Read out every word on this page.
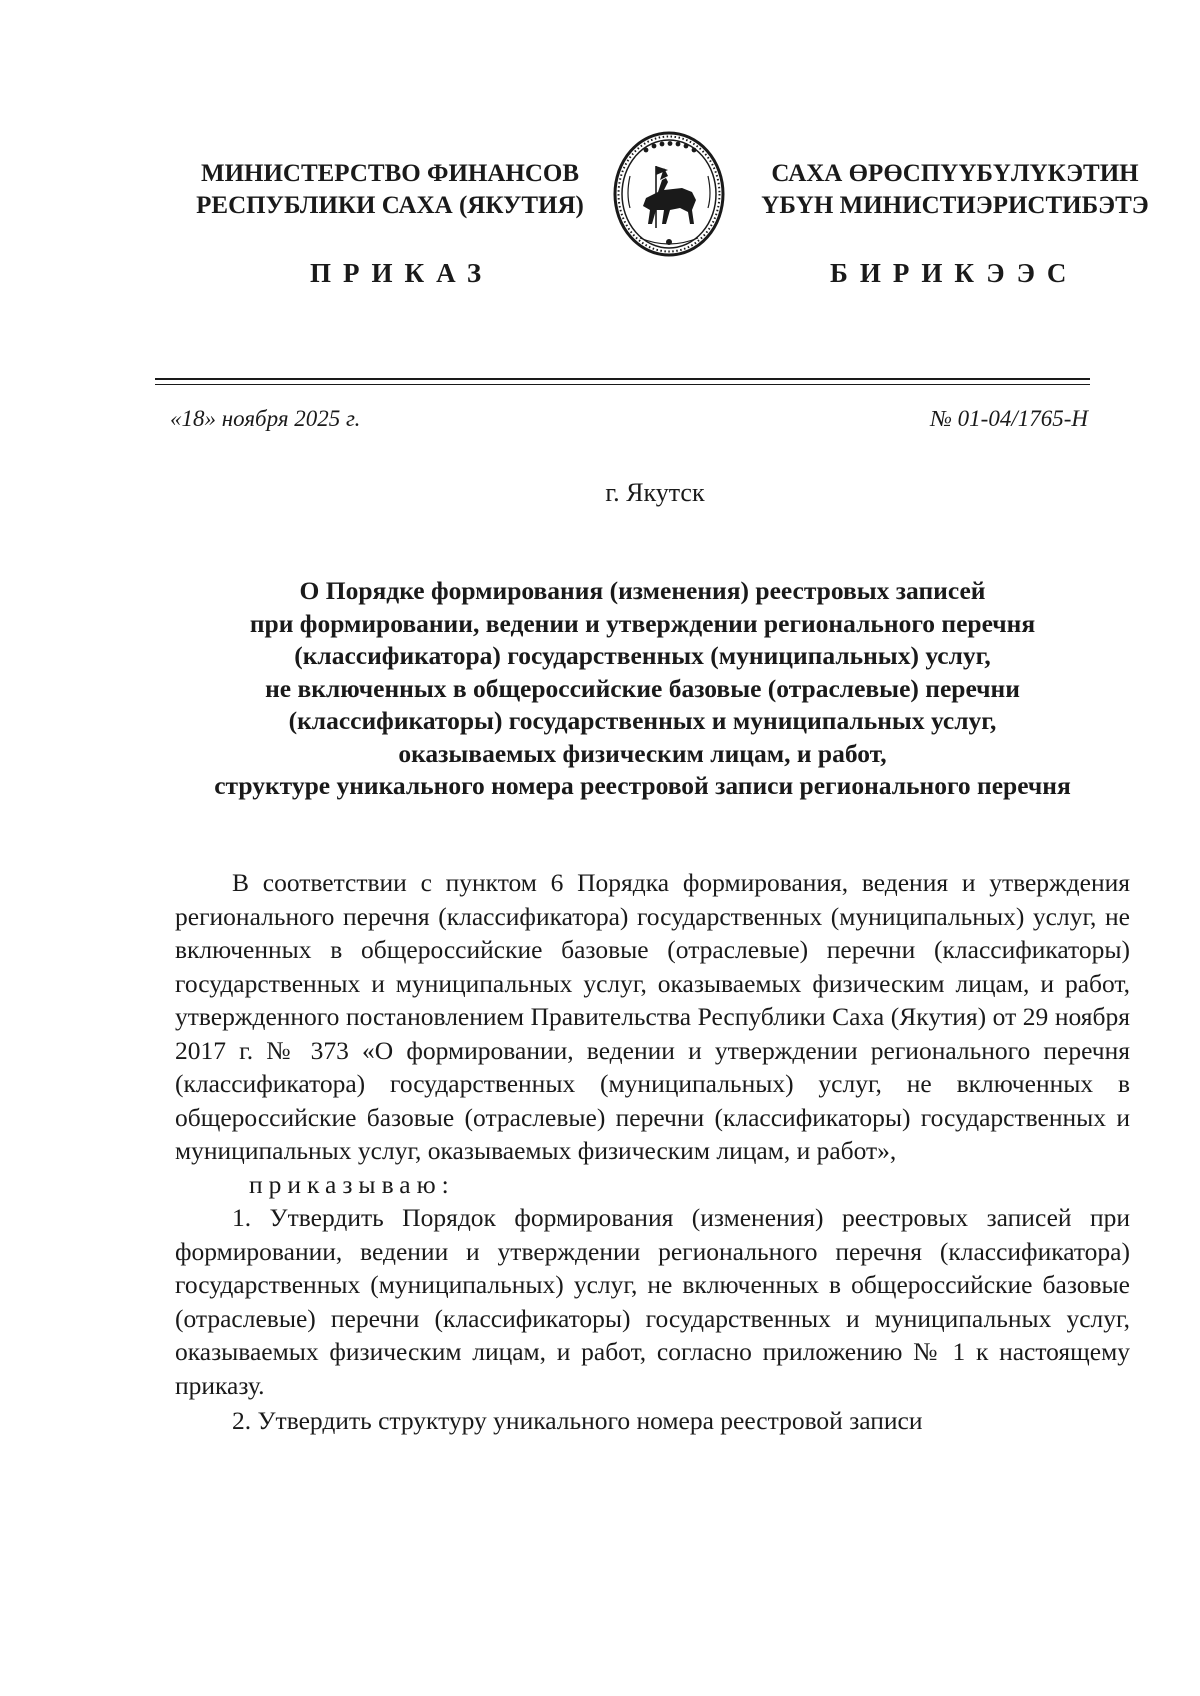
МИНИСТЕРСТВО ФИНАНСОВ
РЕСПУБЛИКИ САХА (ЯКУТИЯ)
САХА ӨРӨСПҮҮБҮЛҮКЭТИН
ҮБҮН МИНИСТИЭРИСТИБЭТЭ
ПРИКАЗ	БИРИКЭЭС
«18» ноября 2025 г.	№ 01-04/1765-Н
г. Якутск
О Порядке формирования (изменения) реестровых записей
при формировании, ведении и утверждении регионального перечня
(классификатора) государственных (муниципальных) услуг,
не включенных в общероссийские базовые (отраслевые) перечни
(классификаторы) государственных и муниципальных услуг,
оказываемых физическим лицам, и работ,
структуре уникального номера реестровой записи регионального перечня

В соответствии с пунктом 6 Порядка формирования, ведения и утверждения регионального перечня (классификатора) государственных (муниципальных) услуг, не включенных в общероссийские базовые (отраслевые) перечни (классификаторы) государственных и муниципальных услуг, оказываемых физическим лицам, и работ, утвержденного постановлением Правительства Республики Саха (Якутия) от 29 ноября 2017 г. № 373 «О формировании, ведении и утверждении регионального перечня (классификатора) государственных (муниципальных) услуг, не включенных в общероссийские базовые (отраслевые) перечни (классификаторы) государственных и муниципальных услуг, оказываемых физическим лицам, и работ»,

приказываю:

1. Утвердить Порядок формирования (изменения) реестровых записей при формировании, ведении и утверждении регионального перечня (классификатора) государственных (муниципальных) услуг, не включенных в общероссийские базовые (отраслевые) перечни (классификаторы) государственных и муниципальных услуг, оказываемых физическим лицам, и работ, согласно приложению № 1 к настоящему приказу.

2. Утвердить структуру уникального номера реестровой записи
